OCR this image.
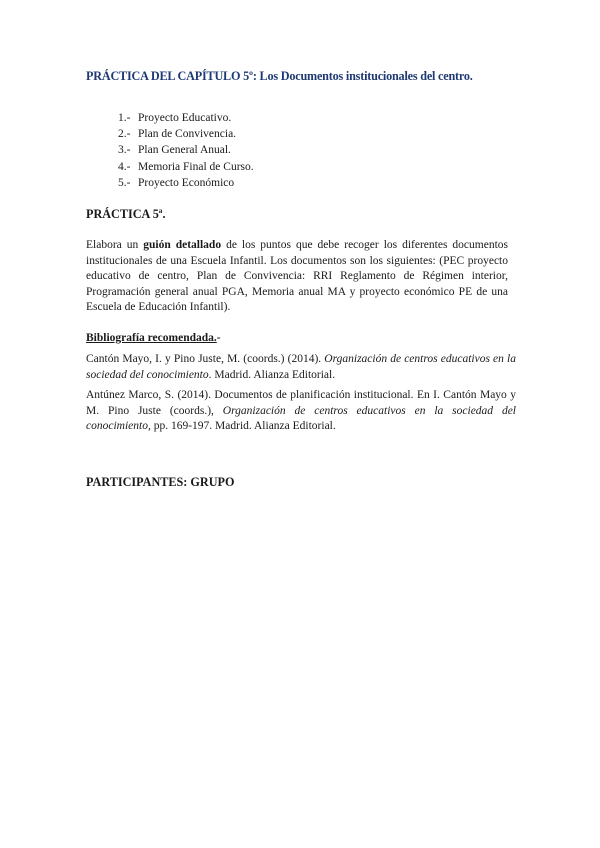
PRÁCTICA DEL CAPÍTULO 5º: Los Documentos institucionales del centro.
1.- Proyecto Educativo.
2.- Plan de Convivencia.
3.- Plan General Anual.
4.- Memoria Final de Curso.
5.- Proyecto Económico
PRÁCTICA 5ª.
Elabora un guión detallado de los puntos que debe recoger los diferentes documentos institucionales de una Escuela Infantil. Los documentos son los siguientes: (PEC proyecto educativo de centro, Plan de Convivencia: RRI Reglamento de Régimen interior, Programación general anual PGA, Memoria anual MA y proyecto económico PE de una Escuela de Educación Infantil).
Bibliografía recomendada.-
Cantón Mayo, I. y Pino Juste, M. (coords.) (2014). Organización de centros educativos en la sociedad del conocimiento. Madrid. Alianza Editorial.
Antúnez Marco, S. (2014). Documentos de planificación institucional. En I. Cantón Mayo y M. Pino Juste (coords.), Organización de centros educativos en la sociedad del conocimiento, pp. 169-197. Madrid. Alianza Editorial.
PARTICIPANTES: GRUPO
